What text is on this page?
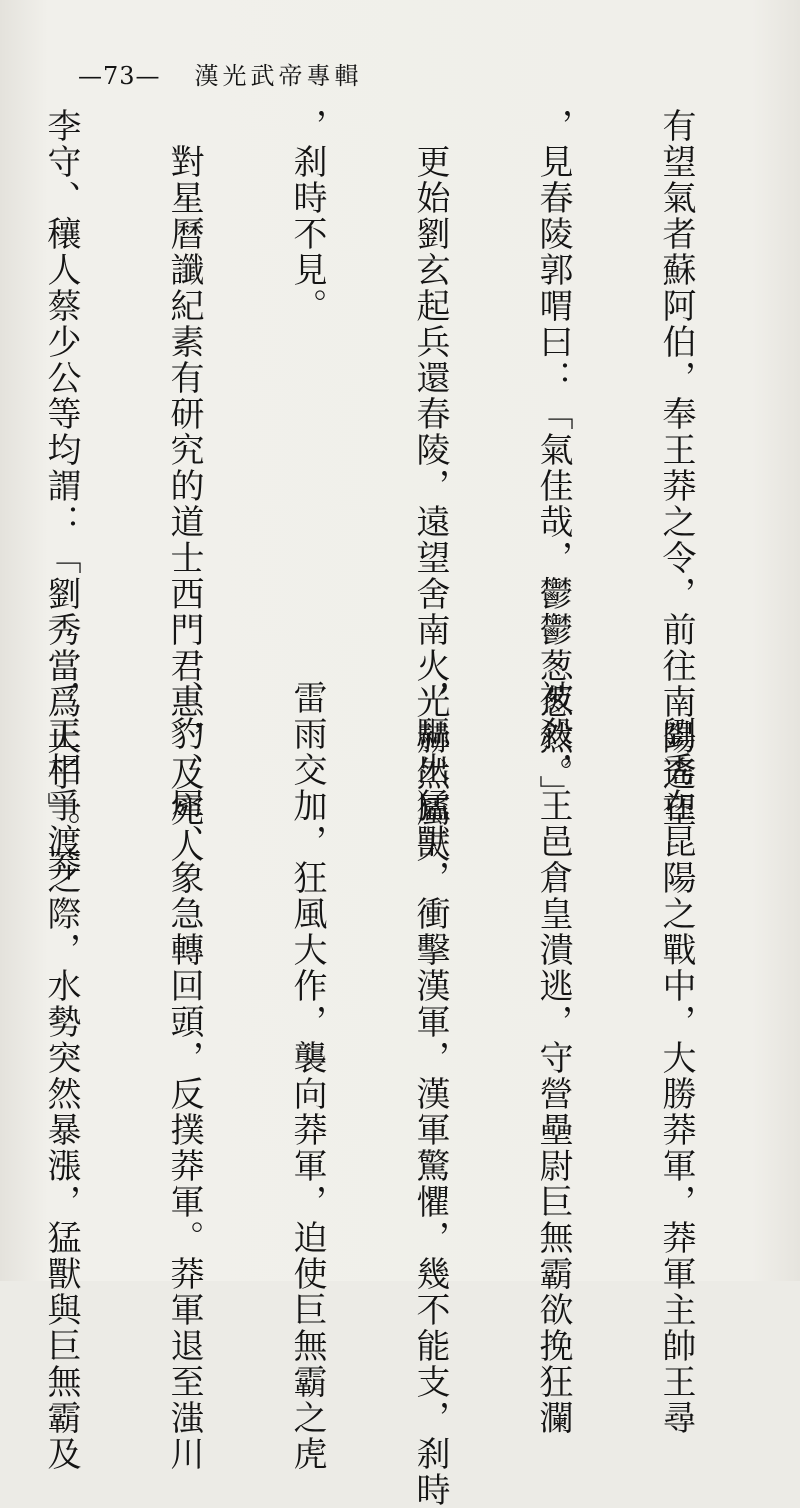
—73— 漢光武帝專輯

有望氣者蘇阿伯，奉王莽之令，前往南陽遙望

，見春陵郭喟曰：「氣佳哉，鬱鬱葱葱然。」

　更始劉玄起兵還春陵，遠望舍南火光赫然屬天

，刹時不見。

　對星曆讖紀素有研究的道士西門君惠，及宛人

李守、穰人蔡少公等均謂：「劉秀當爲天子」。莽

　劉秀在昆陽之戰中，大勝莽軍，莽軍主帥王尋

被殺，王邑倉皇潰逃，守營壘尉巨無霸欲挽狂瀾

，驅出猛獸，衝擊漢軍，漢軍驚懼，幾不能支，刹時

雷雨交加，狂風大作，襲向莽軍，迫使巨無霸之虎

、豹、犀、象急轉回頭，反撲莽軍。莽軍退至滍川

，正相爭渡之際，水勢突然暴漲，猛獸與巨無霸及
